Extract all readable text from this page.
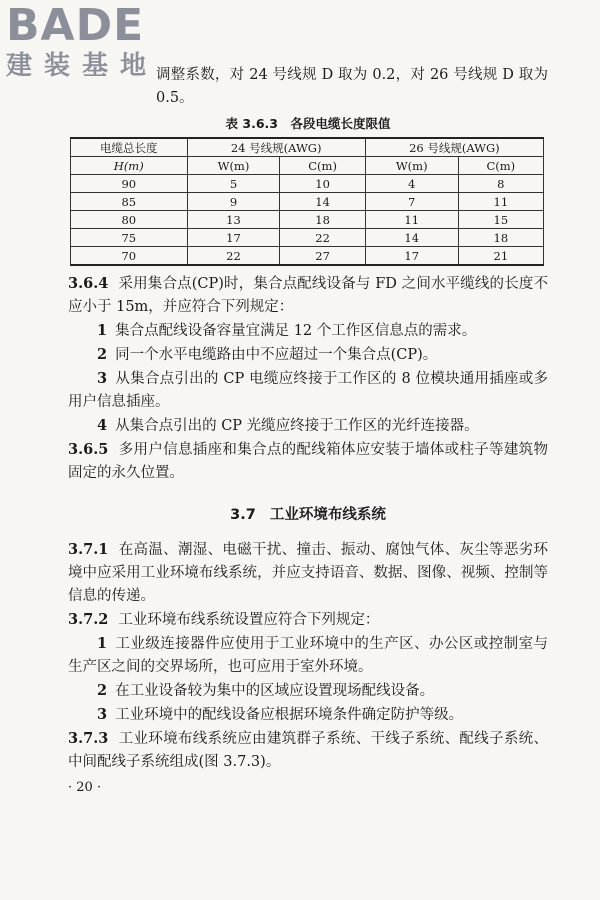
BADE
建装基地

调整系数，对 24 号线规 D 取为 0.2，对 26 号线规 D 取为 0.5。

表 3.6.3　各段电缆长度限值
电缆总长度	24 号线规(AWG)		26 号线规(AWG)	
H(m)	W(m)	C(m)	W(m)	C(m)
90	5	10	4	8
85	9	14	7	11
80	13	18	11	15
75	17	22	14	18
70	22	27	17	21

3.6.4 采用集合点(CP)时，集合点配线设备与 FD 之间水平缆线的长度不应小于 15m，并应符合下列规定：

1 集合点配线设备容量宜满足 12 个工作区信息点的需求。

2 同一个水平电缆路由中不应超过一个集合点(CP)。

3 从集合点引出的 CP 电缆应终接于工作区的 8 位模块通用插座或多用户信息插座。

4 从集合点引出的 CP 光缆应终接于工作区的光纤连接器。

3.6.5 多用户信息插座和集合点的配线箱体应安装于墙体或柱子等建筑物固定的永久位置。

3.7 工业环境布线系统

3.7.1 在高温、潮湿、电磁干扰、撞击、振动、腐蚀气体、灰尘等恶劣环境中应采用工业环境布线系统，并应支持语音、数据、图像、视频、控制等信息的传递。

3.7.2 工业环境布线系统设置应符合下列规定：

1 工业级连接器件应使用于工业环境中的生产区、办公区或控制室与生产区之间的交界场所，也可应用于室外环境。

2 在工业设备较为集中的区域应设置现场配线设备。

3 工业环境中的配线设备应根据环境条件确定防护等级。

3.7.3 工业环境布线系统应由建筑群子系统、干线子系统、配线子系统、中间配线子系统组成(图 3.7.3)。

· 20 ·
